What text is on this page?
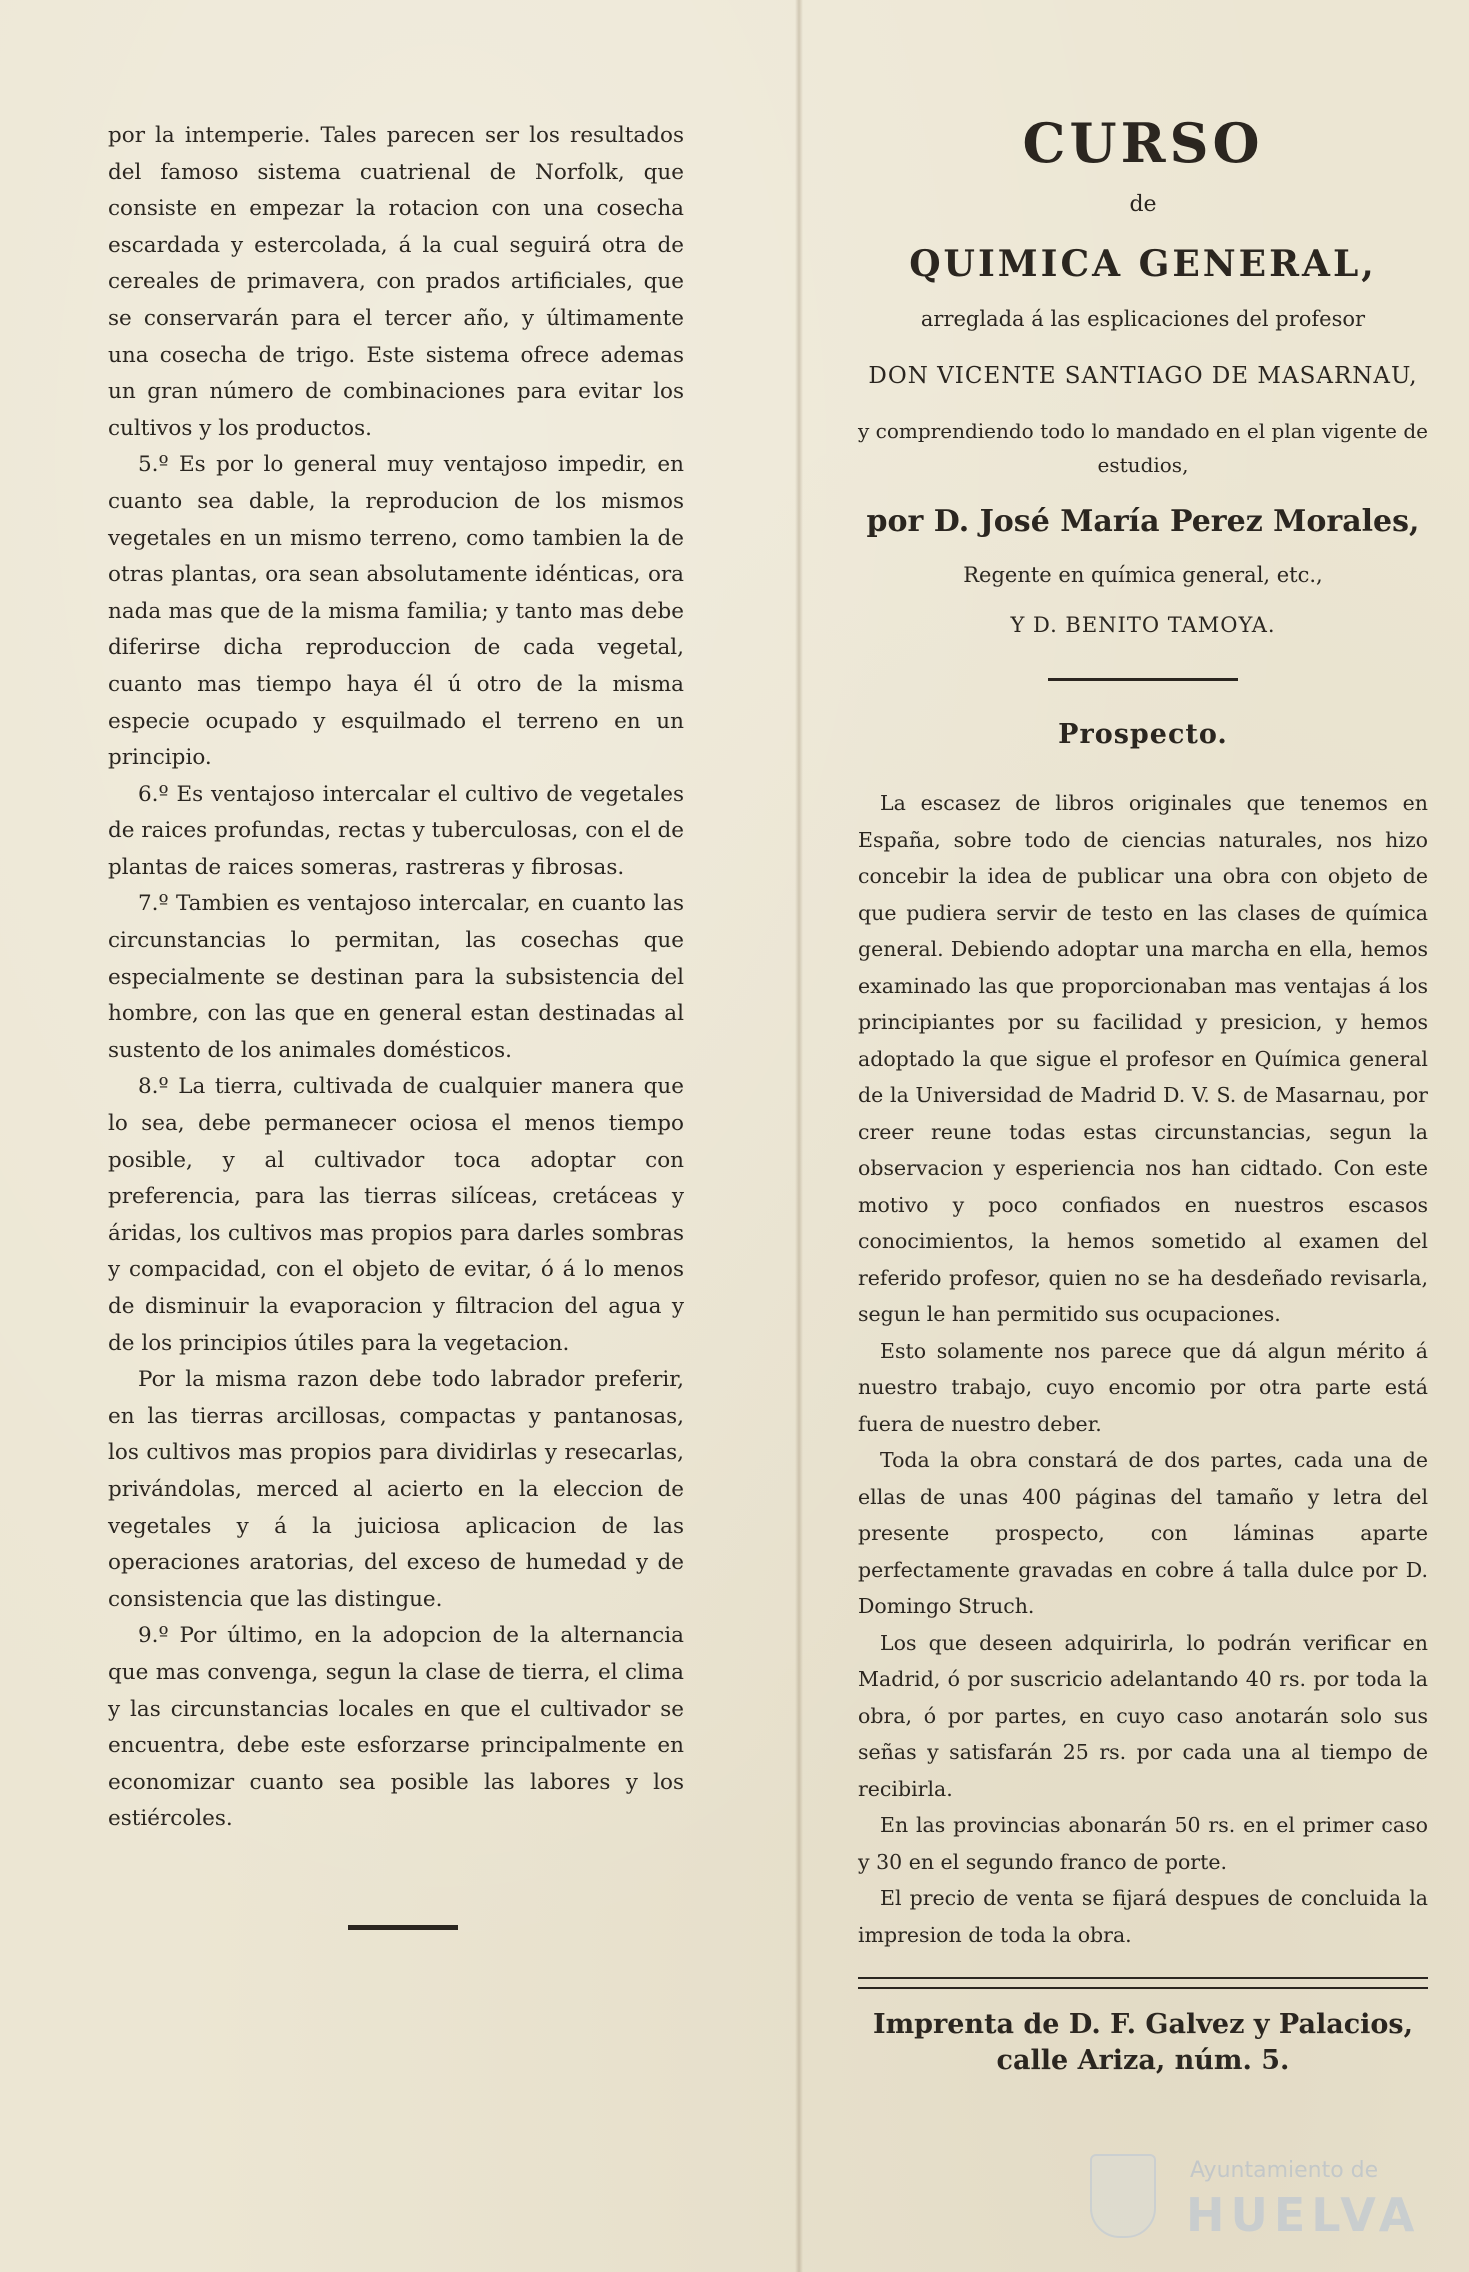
por la intemperie. Tales parecen ser los resultados del famoso sistema cuatrienal de Norfolk, que consiste en empezar la rotacion con una cosecha escardada y estercolada, á la cual seguirá otra de cereales de primavera, con prados artificiales, que se conservarán para el tercer año, y últimamente una cosecha de trigo. Este sistema ofrece ademas un gran número de combinaciones para evitar los cultivos y los productos.

5.º Es por lo general muy ventajoso impedir, en cuanto sea dable, la reproducion de los mismos vegetales en un mismo terreno, como tambien la de otras plantas, ora sean absolutamente idénticas, ora nada mas que de la misma familia; y tanto mas debe diferirse dicha reproduccion de cada vegetal, cuanto mas tiempo haya él ú otro de la misma especie ocupado y esquilmado el terreno en un principio.

6.º Es ventajoso intercalar el cultivo de vegetales de raices profundas, rectas y tuberculosas, con el de plantas de raices someras, rastreras y fibrosas.

7.º Tambien es ventajoso intercalar, en cuanto las circunstancias lo permitan, las cosechas que especialmente se destinan para la subsistencia del hombre, con las que en general estan destinadas al sustento de los animales domésticos.

8.º La tierra, cultivada de cualquier manera que lo sea, debe permanecer ociosa el menos tiempo posible, y al cultivador toca adoptar con preferencia, para las tierras silíceas, cretáceas y áridas, los cultivos mas propios para darles sombras y compacidad, con el objeto de evitar, ó á lo menos de disminuir la evaporacion y filtracion del agua y de los principios útiles para la vegetacion.

Por la misma razon debe todo labrador preferir, en las tierras arcillosas, compactas y pantanosas, los cultivos mas propios para dividirlas y resecarlas, privándolas, merced al acierto en la eleccion de vegetales y á la juiciosa aplicacion de las operaciones aratorias, del exceso de humedad y de consistencia que las distingue.

9.º Por último, en la adopcion de la alternancia que mas convenga, segun la clase de tierra, el clima y las circunstancias locales en que el cultivador se encuentra, debe este esforzarse principalmente en economizar cuanto sea posible las labores y los estiércoles.

CURSO
de
QUIMICA GENERAL,
arreglada á las esplicaciones del profesor
DON VICENTE SANTIAGO DE MASARNAU,
y comprendiendo todo lo mandado en el plan vigente de estudios,
por D. José María Perez Morales,
Regente en química general, etc.,
Y D. BENITO TAMOYA.
Prospecto.

La escasez de libros originales que tenemos en España, sobre todo de ciencias naturales, nos hizo concebir la idea de publicar una obra con objeto de que pudiera servir de testo en las clases de química general. Debiendo adoptar una marcha en ella, hemos examinado las que proporcionaban mas ventajas á los principiantes por su facilidad y presicion, y hemos adoptado la que sigue el profesor en Química general de la Universidad de Madrid D. V. S. de Masarnau, por creer reune todas estas circunstancias, segun la observacion y esperiencia nos han cidtado. Con este motivo y poco confiados en nuestros escasos conocimientos, la hemos sometido al examen del referido profesor, quien no se ha desdeñado revisarla, segun le han permitido sus ocupaciones.

Esto solamente nos parece que dá algun mérito á nuestro trabajo, cuyo encomio por otra parte está fuera de nuestro deber.

Toda la obra constará de dos partes, cada una de ellas de unas 400 páginas del tamaño y letra del presente prospecto, con láminas aparte perfectamente gravadas en cobre á talla dulce por D. Domingo Struch.

Los que deseen adquirirla, lo podrán verificar en Madrid, ó por suscricio adelantando 40 rs. por toda la obra, ó por partes, en cuyo caso anotarán solo sus señas y satisfarán 25 rs. por cada una al tiempo de recibirla.

En las provincias abonarán 50 rs. en el primer caso y 30 en el segundo franco de porte.

El precio de venta se fijará despues de concluida la impresion de toda la obra.

Imprenta de D. F. Galvez y Palacios, calle Ariza, núm. 5.
Ayuntamiento de
HUELVA
